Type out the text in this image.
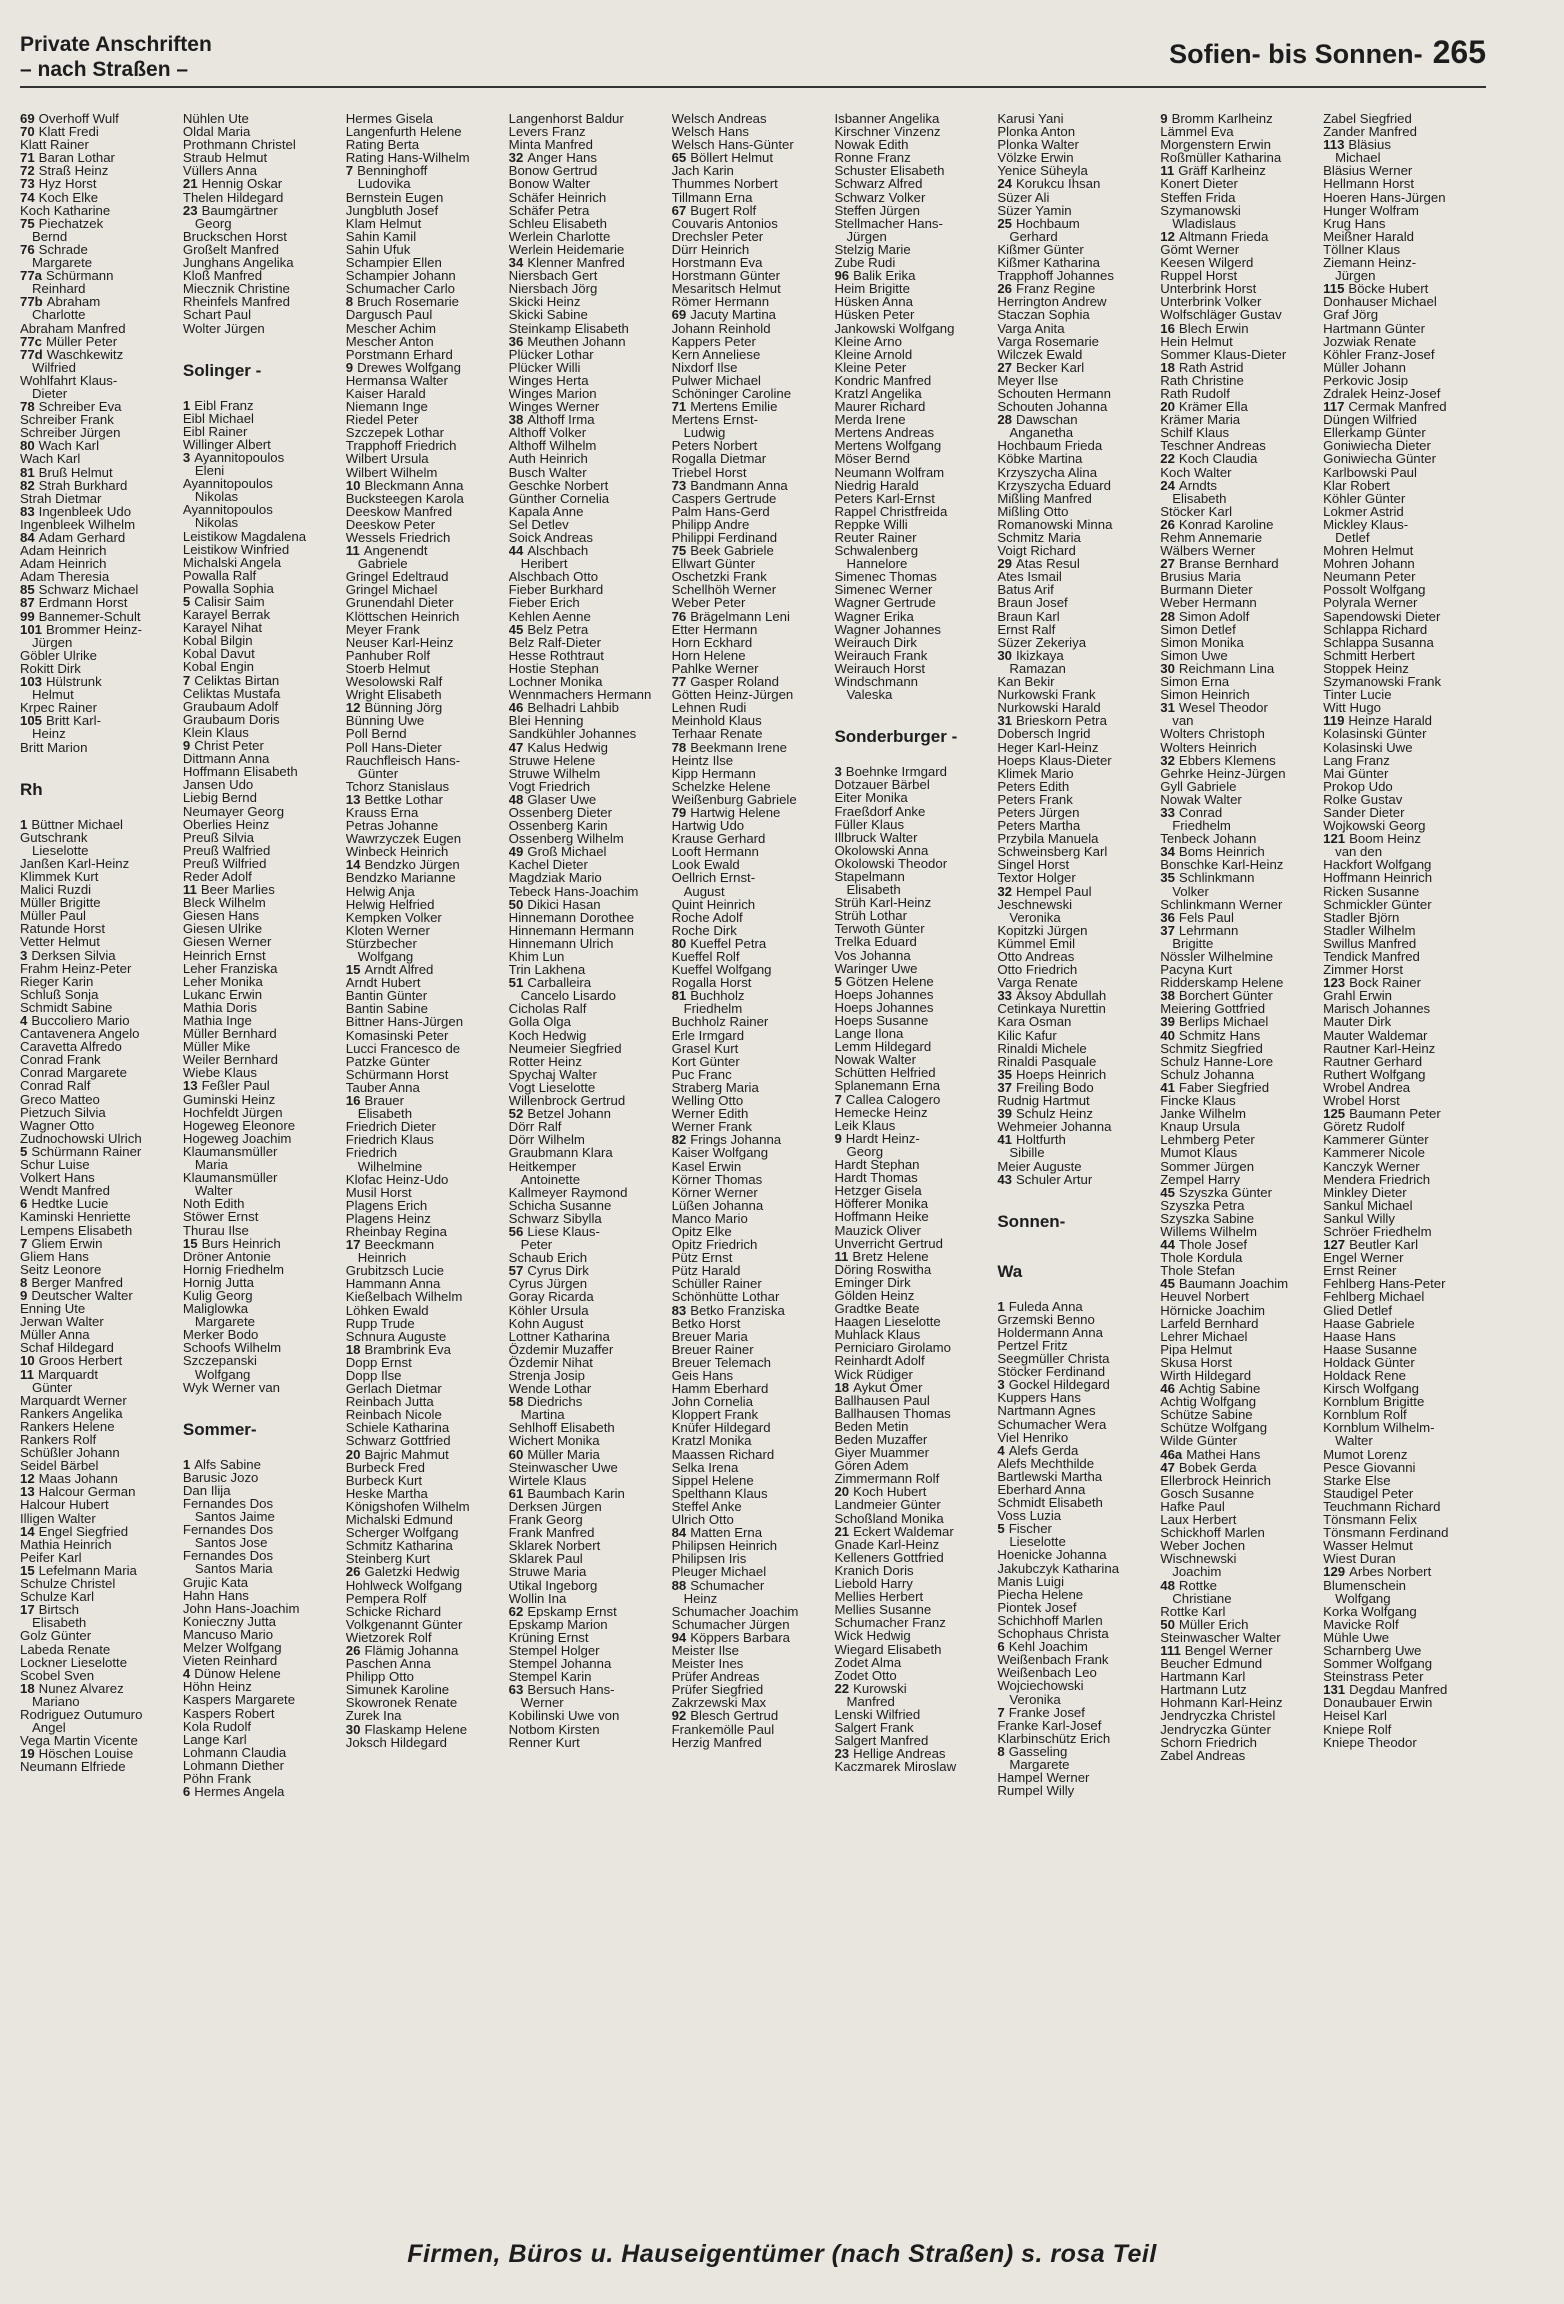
Private Anschriften
– nach Straßen –
Sofien- bis Sonnen- 265
69 Overhoff Wulf
70 Klatt Fredi
Klatt Rainer
71 Baran Lothar
72 Straß Heinz
73 Hyz Horst
74 Koch Elke
Koch Katharine
75 Piechatzek
Bernd
76 Schrade
Margarete
77a Schürmann
Reinhard
77b Abraham
Charlotte
Abraham Manfred
77c Müller Peter
77d Waschkewitz
Wilfried
Wohlfahrt Klaus-
Dieter
78 Schreiber Eva
Schreiber Frank
Schreiber Jürgen
80 Wach Karl
Wach Karl
81 Bruß Helmut
82 Strah Burkhard
Strah Dietmar
83 Ingenbleek Udo
Ingenbleek Wilhelm
84 Adam Gerhard
Adam Heinrich
Adam Heinrich
Adam Theresia
85 Schwarz Michael
87 Erdmann Horst
99 Bannemer-Schult
101 Brommer Heinz-
Jürgen
Göbler Ulrike
Rokitt Dirk
103 Hülstrunk
Helmut
Krpec Rainer
105 Britt Karl-
Heinz
Britt Marion
Rh
1 Büttner Michael
Gutschrank
Lieselotte
Janßen Karl-Heinz
Klimmek Kurt
Malici Ruzdi
Müller Brigitte
Müller Paul
Ratunde Horst
Vetter Helmut
3 Derksen Silvia
Frahm Heinz-Peter
Rieger Karin
Schluß Sonja
Schmidt Sabine
4 Buccoliero Mario
Cantavenera Angelo
Caravetta Alfredo
Conrad Frank
Conrad Margarete
Conrad Ralf
Greco Matteo
Pietzuch Silvia
Wagner Otto
Zudnochowski Ulrich
5 Schürmann Rainer
Schur Luise
Volkert Hans
Wendt Manfred
6 Hedtke Lucie
Kaminski Henriette
Lempens Elisabeth
7 Gliem Erwin
Gliem Hans
Seitz Leonore
8 Berger Manfred
9 Deutscher Walter
Enning Ute
Jerwan Walter
Müller Anna
Schaf Hildegard
10 Groos Herbert
11 Marquardt
Günter
Marquardt Werner
Rankers Angelika
Rankers Helene
Rankers Rolf
Schüßler Johann
Seidel Bärbel
12 Maas Johann
13 Halcour German
Halcour Hubert
Illigen Walter
14 Engel Siegfried
Mathia Heinrich
Peifer Karl
15 Lefelmann Maria
Schulze Christel
Schulze Karl
17 Birtsch
Elisabeth
Golz Günter
Labeda Renate
Lockner Lieselotte
Scobel Sven
18 Nunez Alvarez
Mariano
Rodriguez Outumuro
Angel
Vega Martin Vicente
19 Höschen Louise
Neumann Elfriede
Nühlen Ute
Oldal Maria
Prothmann Christel
Straub Helmut
Vüllers Anna
21 Hennig Oskar
Thelen Hildegard
23 Baumgärtner
Georg
Bruckschen Horst
Großelt Manfred
Junghans Angelika
Kloß Manfred
Miecznik Christine
Rheinfels Manfred
Schart Paul
Wolter Jürgen
Solinger -
1 Eibl Franz
Eibl Michael
Eibl Rainer
Willinger Albert
3 Ayannitopoulos
Eleni
Ayannitopoulos
Nikolas
Ayannitopoulos
Nikolas
Leistikow Magdalena
Leistikow Winfried
Michalski Angela
Powalla Ralf
Powalla Sophia
5 Calisir Saim
Karayel Berrak
Karayel Nihat
Kobal Bilgin
Kobal Davut
Kobal Engin
7 Celiktas Birtan
Celiktas Mustafa
Graubaum Adolf
Graubaum Doris
Klein Klaus
9 Christ Peter
Dittmann Anna
Hoffmann Elisabeth
Jansen Udo
Liebig Bernd
Neumayer Georg
Oberlies Heinz
Preuß Silvia
Preuß Walfried
Preuß Wilfried
Reder Adolf
11 Beer Marlies
Bleck Wilhelm
Giesen Hans
Giesen Ulrike
Giesen Werner
Heinrich Ernst
Leher Franziska
Leher Monika
Lukanc Erwin
Mathia Doris
Mathia Inge
Müller Bernhard
Müller Mike
Weiler Bernhard
Wiebe Klaus
13 Feßler Paul
Guminski Heinz
Hochfeldt Jürgen
Hogeweg Eleonore
Hogeweg Joachim
Klaumansmüller
Maria
Klaumansmüller
Walter
Noth Edith
Stöwer Ernst
Thurau Ilse
15 Burs Heinrich
Dröner Antonie
Hornig Friedhelm
Hornig Jutta
Kulig Georg
Maliglowka
Margarete
Merker Bodo
Schoofs Wilhelm
Szczepanski
Wolfgang
Wyk Werner van
Sommer-
1 Alfs Sabine
Barusic Jozo
Dan Ilija
Fernandes Dos
Santos Jaime
Fernandes Dos
Santos Jose
Fernandes Dos
Santos Maria
Grujic Kata
Hahn Hans
John Hans-Joachim
Konieczny Jutta
Mancuso Mario
Melzer Wolfgang
Vieten Reinhard
4 Dünow Helene
Höhn Heinz
Kaspers Margarete
Kaspers Robert
Kola Rudolf
Lange Karl
Lohmann Claudia
Lohmann Diether
Pöhn Frank
6 Hermes Angela
Hermes Gisela
Langenfurth Helene
Rating Berta
Rating Hans-Wilhelm
7 Benninghoff
Ludovika
Bernstein Eugen
Jungbluth Josef
Klam Helmut
Sahin Kamil
Sahin Ufuk
Schampier Ellen
Schampier Johann
Schumacher Carlo
8 Bruch Rosemarie
Dargusch Paul
Mescher Achim
Mescher Anton
Porstmann Erhard
9 Drewes Wolfgang
Hermansa Walter
Kaiser Harald
Niemann Inge
Riedel Peter
Szczepek Lothar
Trapphoff Friedrich
Wilbert Ursula
Wilbert Wilhelm
10 Bleckmann Anna
Bucksteegen Karola
Deeskow Manfred
Deeskow Peter
Wessels Friedrich
11 Angenendt
Gabriele
Gringel Edeltraud
Gringel Michael
Grunendahl Dieter
Klöttschen Heinrich
Meyer Frank
Neuser Karl-Heinz
Panhuber Rolf
Stoerb Helmut
Wesolowski Ralf
Wright Elisabeth
12 Bünning Jörg
Bünning Uwe
Poll Bernd
Poll Hans-Dieter
Rauchfleisch Hans-
Günter
Tchorz Stanislaus
13 Bettke Lothar
Krauss Erna
Petras Johanne
Wawrzyczek Eugen
Winbeck Heinrich
14 Bendzko Jürgen
Bendzko Marianne
Helwig Anja
Helwig Helfried
Kempken Volker
Kloten Werner
Stürzbecher
Wolfgang
15 Arndt Alfred
Arndt Hubert
Bantin Günter
Bantin Sabine
Bittner Hans-Jürgen
Komasinski Peter
Lucci Francesco de
Patzke Günter
Schürmann Horst
Tauber Anna
16 Brauer
Elisabeth
Friedrich Dieter
Friedrich Klaus
Friedrich
Wilhelmine
Klofac Heinz-Udo
Musil Horst
Plagens Erich
Plagens Heinz
Rheinbay Regina
17 Beeckmann
Heinrich
Grubitzsch Lucie
Hammann Anna
Kießelbach Wilhelm
Löhken Ewald
Rupp Trude
Schnura Auguste
18 Brambrink Eva
Dopp Ernst
Dopp Ilse
Gerlach Dietmar
Reinbach Jutta
Reinbach Nicole
Schiele Katharina
Schwarz Gottfried
20 Bajric Mahmut
Burbeck Fred
Burbeck Kurt
Heske Martha
Königshofen Wilhelm
Michalski Edmund
Scherger Wolfgang
Schmitz Katharina
Steinberg Kurt
26 Galetzki Hedwig
Hohlweck Wolfgang
Pempera Rolf
Schicke Richard
Volkgenannt Günter
Wietzorek Rolf
26 Flämig Johanna
Paschen Anna
Philipp Otto
Simunek Karoline
Skowronek Renate
Zurek Ina
30 Flaskamp Helene
Joksch Hildegard
Langenhorst Baldur
Levers Franz
Minta Manfred
32 Anger Hans
Bonow Gertrud
Bonow Walter
Schäfer Heinrich
Schäfer Petra
Schleu Elisabeth
Werlein Charlotte
Werlein Heidemarie
34 Klenner Manfred
Niersbach Gert
Niersbach Jörg
Skicki Heinz
Skicki Sabine
Steinkamp Elisabeth
36 Meuthen Johann
Plücker Lothar
Plücker Willi
Winges Herta
Winges Marion
Winges Werner
38 Althoff Irma
Althoff Volker
Althoff Wilhelm
Auth Heinrich
Busch Walter
Geschke Norbert
Günther Cornelia
Kapala Anne
Sel Detlev
Soick Andreas
44 Alschbach
Heribert
Alschbach Otto
Fieber Burkhard
Fieber Erich
Kehlen Aenne
45 Belz Petra
Belz Ralf-Dieter
Hesse Rothtraut
Hostie Stephan
Lochner Monika
Wennmachers Hermann
46 Belhadri Lahbib
Blei Henning
Sandkühler Johannes
47 Kalus Hedwig
Struwe Helene
Struwe Wilhelm
Vogt Friedrich
48 Glaser Uwe
Ossenberg Dieter
Ossenberg Karin
Ossenberg Wilhelm
49 Groß Michael
Kachel Dieter
Magdziak Mario
Tebeck Hans-Joachim
50 Dikici Hasan
Hinnemann Dorothee
Hinnemann Hermann
Hinnemann Ulrich
Khim Lun
Trin Lakhena
51 Carballeira
Cancelo Lisardo
Cicholas Ralf
Golla Olga
Koch Hedwig
Neumeier Siegfried
Rotter Heinz
Spychaj Walter
Vogt Lieselotte
Willenbrock Gertrud
52 Betzel Johann
Dörr Ralf
Dörr Wilhelm
Graubmann Klara
Heitkemper
Antoinette
Kallmeyer Raymond
Schicha Susanne
Schwarz Sibylla
56 Liese Klaus-
Peter
Schaub Erich
57 Cyrus Dirk
Cyrus Jürgen
Goray Ricarda
Köhler Ursula
Kohn August
Lottner Katharina
Özdemir Muzaffer
Özdemir Nihat
Strenja Josip
Wende Lothar
58 Diedrichs
Martina
Sehlhoff Elisabeth
Wichert Monika
60 Müller Maria
Steinwascher Uwe
Wirtele Klaus
61 Baumbach Karin
Derksen Jürgen
Frank Georg
Frank Manfred
Sklarek Norbert
Sklarek Paul
Struwe Maria
Utikal Ingeborg
Wollin Ina
62 Epskamp Ernst
Epskamp Marion
Krüning Ernst
Stempel Holger
Stempel Johanna
Stempel Karin
63 Bersuch Hans-
Werner
Kobilinski Uwe von
Notbom Kirsten
Renner Kurt
Welsch Andreas
Welsch Hans
Welsch Hans-Günter
65 Böllert Helmut
Jach Karin
Thummes Norbert
Tillmann Erna
67 Bugert Rolf
Couvaris Antonios
Drechsler Peter
Dürr Heinrich
Horstmann Eva
Horstmann Günter
Mesaritsch Helmut
Römer Hermann
69 Jacuty Martina
Johann Reinhold
Kappers Peter
Kern Anneliese
Nixdorf Ilse
Pulwer Michael
Schöninger Caroline
71 Mertens Emilie
Mertens Ernst-
Ludwig
Peters Norbert
Rogalla Dietmar
Triebel Horst
73 Bandmann Anna
Caspers Gertrude
Palm Hans-Gerd
Philipp Andre
Philippi Ferdinand
75 Beek Gabriele
Ellwart Günter
Oschetzki Frank
Schellhöh Werner
Weber Peter
76 Brägelmann Leni
Etter Hermann
Horn Eckhard
Horn Helene
Pahlke Werner
77 Gasper Roland
Götten Heinz-Jürgen
Lehnen Rudi
Meinhold Klaus
Terhaar Renate
78 Beekmann Irene
Heintz Ilse
Kipp Hermann
Schelzke Helene
Weißenburg Gabriele
79 Hartwig Helene
Hartwig Udo
Krause Gerhard
Looft Hermann
Look Ewald
Oellrich Ernst-
August
Quint Heinrich
Roche Adolf
Roche Dirk
80 Kueffel Petra
Kueffel Rolf
Kueffel Wolfgang
Rogalla Horst
81 Buchholz
Friedhelm
Buchholz Rainer
Erle Irmgard
Grasel Kurt
Kort Günter
Puc Franc
Straberg Maria
Welling Otto
Werner Edith
Werner Frank
82 Frings Johanna
Kaiser Wolfgang
Kasel Erwin
Körner Thomas
Körner Werner
Lüßen Johanna
Manco Mario
Opitz Elke
Opitz Friedrich
Pütz Ernst
Pütz Harald
Schüller Rainer
Schönhütte Lothar
83 Betko Franziska
Betko Horst
Breuer Maria
Breuer Rainer
Breuer Telemach
Geis Hans
Hamm Eberhard
John Cornelia
Kloppert Frank
Knüfer Hildegard
Kratzl Monika
Maassen Richard
Selka Irena
Sippel Helene
Spelthann Klaus
Steffel Anke
Ulrich Otto
84 Matten Erna
Philipsen Heinrich
Philipsen Iris
Pleuger Michael
88 Schumacher
Heinz
Schumacher Joachim
Schumacher Jürgen
94 Köppers Barbara
Meister Ilse
Meister Ines
Prüfer Andreas
Prüfer Siegfried
Zakrzewski Max
92 Blesch Gertrud
Frankemölle Paul
Herzig Manfred
Isbanner Angelika
Kirschner Vinzenz
Nowak Edith
Ronne Franz
Schuster Elisabeth
Schwarz Alfred
Schwarz Volker
Steffen Jürgen
Stellmacher Hans-
Jürgen
Stelzig Marie
Zube Rudi
96 Balik Erika
Heim Brigitte
Hüsken Anna
Hüsken Peter
Jankowski Wolfgang
Kleine Arno
Kleine Arnold
Kleine Peter
Kondric Manfred
Kratzl Angelika
Maurer Richard
Merda Irene
Mertens Andreas
Mertens Wolfgang
Möser Bernd
Neumann Wolfram
Niedrig Harald
Peters Karl-Ernst
Rappel Christfreida
Reppke Willi
Reuter Rainer
Schwalenberg
Hannelore
Simenec Thomas
Simenec Werner
Wagner Gertrude
Wagner Erika
Wagner Johannes
Weirauch Dirk
Weirauch Frank
Weirauch Horst
Windschmann
Valeska
Sonderburger -
3 Boehnke Irmgard
Dotzauer Bärbel
Eiter Monika
Fraeßdorf Anke
Füller Klaus
Illbruck Walter
Okolowski Anna
Okolowski Theodor
Stapelmann
Elisabeth
Strüh Karl-Heinz
Strüh Lothar
Terwoth Günter
Trelka Eduard
Vos Johanna
Waringer Uwe
5 Götzen Helene
Hoeps Johannes
Hoeps Johannes
Hoeps Susanne
Lange Ilona
Lemm Hildegard
Nowak Walter
Schütten Helfried
Splanemann Erna
7 Callea Calogero
Hemecke Heinz
Leik Klaus
9 Hardt Heinz-
Georg
Hardt Stephan
Hardt Thomas
Hetzger Gisela
Höfferer Monika
Hoffmann Heike
Mauzick Oliver
Unverricht Gertrud
11 Bretz Helene
Döring Roswitha
Eminger Dirk
Gölden Heinz
Gradtke Beate
Haagen Lieselotte
Muhlack Klaus
Perniciaro Girolamo
Reinhardt Adolf
Wick Rüdiger
18 Aykut Ömer
Ballhausen Paul
Ballhausen Thomas
Beden Metin
Beden Muzaffer
Giyer Muammer
Gören Adem
Zimmermann Rolf
20 Koch Hubert
Landmeier Günter
Schoßland Monika
21 Eckert Waldemar
Gnade Karl-Heinz
Kelleners Gottfried
Kranich Doris
Liebold Harry
Mellies Herbert
Mellies Susanne
Schumacher Franz
Wick Hedwig
Wiegard Elisabeth
Zodet Alma
Zodet Otto
22 Kurowski
Manfred
Lenski Wilfried
Salgert Frank
Salgert Manfred
23 Hellige Andreas
Kaczmarek Miroslaw
Karusi Yani
Plonka Anton
Plonka Walter
Völzke Erwin
Yenice Süheyla
24 Korukcu Ihsan
Süzer Ali
Süzer Yamin
25 Hochbaum
Gerhard
Kißmer Günter
Kißmer Katharina
Trapphoff Johannes
26 Franz Regine
Herrington Andrew
Staczan Sophia
Varga Anita
Varga Rosemarie
Wilczek Ewald
27 Becker Karl
Meyer Ilse
Schouten Hermann
Schouten Johanna
28 Dawschan
Anganetha
Hochbaum Frieda
Köbke Martina
Krzyszycha Alina
Krzyszycha Eduard
Mißling Manfred
Mißling Otto
Romanowski Minna
Schmitz Maria
Voigt Richard
29 Atas Resul
Ates Ismail
Batus Arif
Braun Josef
Braun Karl
Ernst Ralf
Süzer Zekeriya
30 Ikizkaya
Ramazan
Kan Bekir
Nurkowski Frank
Nurkowski Harald
31 Brieskorn Petra
Dobersch Ingrid
Heger Karl-Heinz
Hoeps Klaus-Dieter
Klimek Mario
Peters Edith
Peters Frank
Peters Jürgen
Peters Martha
Przybila Manuela
Schweinsberg Karl
Singel Horst
Textor Holger
32 Hempel Paul
Jeschnewski
Veronika
Kopitzki Jürgen
Kümmel Emil
Otto Andreas
Otto Friedrich
Varga Renate
33 Aksoy Abdullah
Cetinkaya Nurettin
Kara Osman
Kilic Kafur
Rinaldi Michele
Rinaldi Pasquale
35 Hoeps Heinrich
37 Freiling Bodo
Rudnig Hartmut
39 Schulz Heinz
Wehmeier Johanna
41 Holtfurth
Sibille
Meier Auguste
43 Schuler Artur
Sonnen-
Wa
1 Fuleda Anna
Grzemski Benno
Holdermann Anna
Pertzel Fritz
Seegmüller Christa
Stöcker Ferdinand
3 Gockel Hildegard
Kuppers Hans
Nartmann Agnes
Schumacher Wera
Viel Henriko
4 Alefs Gerda
Alefs Mechthilde
Bartlewski Martha
Eberhard Anna
Schmidt Elisabeth
Voss Luzia
5 Fischer
Lieselotte
Hoenicke Johanna
Jakubczyk Katharina
Manis Luigi
Piecha Helene
Piontek Josef
Schichhoff Marlen
Schophaus Christa
6 Kehl Joachim
Weißenbach Frank
Weißenbach Leo
Wojciechowski
Veronika
7 Franke Josef
Franke Karl-Josef
Klarbinschütz Erich
8 Gasseling
Margarete
Hampel Werner
Rumpel Willy
9 Bromm Karlheinz
Lämmel Eva
Morgenstern Erwin
Roßmüller Katharina
11 Gräff Karlheinz
Konert Dieter
Steffen Frida
Szymanowski
Wladislaus
12 Altmann Frieda
Gömt Werner
Keesen Wilgerd
Ruppel Horst
Unterbrink Horst
Unterbrink Volker
Wolfschläger Gustav
16 Blech Erwin
Hein Helmut
Sommer Klaus-Dieter
18 Rath Astrid
Rath Christine
Rath Rudolf
20 Krämer Ella
Krämer Maria
Schilf Klaus
Teschner Andreas
22 Koch Claudia
Koch Walter
24 Arndts
Elisabeth
Stöcker Karl
26 Konrad Karoline
Rehm Annemarie
Wälbers Werner
27 Branse Bernhard
Brusius Maria
Burmann Dieter
Weber Hermann
28 Simon Adolf
Simon Detlef
Simon Monika
Simon Uwe
30 Reichmann Lina
Simon Erna
Simon Heinrich
31 Wesel Theodor
van
Wolters Christoph
Wolters Heinrich
32 Ebbers Klemens
Gehrke Heinz-Jürgen
Gyll Gabriele
Nowak Walter
33 Conrad
Friedhelm
Tenbeck Johann
34 Boms Heinrich
Bonschke Karl-Heinz
35 Schlinkmann
Volker
Schlinkmann Werner
36 Fels Paul
37 Lehrmann
Brigitte
Nössler Wilhelmine
Pacyna Kurt
Ridderskamp Helene
38 Borchert Günter
Meiering Gottfried
39 Berlips Michael
40 Schmitz Hans
Schmitz Siegfried
Schulz Hanne-Lore
Schulz Johanna
41 Faber Siegfried
Fincke Klaus
Janke Wilhelm
Knaup Ursula
Lehmberg Peter
Mumot Klaus
Sommer Jürgen
Zempel Harry
45 Szyszka Günter
Szyszka Petra
Szyszka Sabine
Willems Wilhelm
44 Thole Josef
Thole Kordula
Thole Stefan
45 Baumann Joachim
Heuvel Norbert
Hörnicke Joachim
Larfeld Bernhard
Lehrer Michael
Pipa Helmut
Skusa Horst
Wirth Hildegard
46 Achtig Sabine
Achtig Wolfgang
Schütze Sabine
Schütze Wolfgang
Wilde Günter
46a Mathei Hans
47 Bobek Gerda
Ellerbrock Heinrich
Gosch Susanne
Hafke Paul
Laux Herbert
Schickhoff Marlen
Weber Jochen
Wischnewski
Joachim
48 Rottke
Christiane
Rottke Karl
50 Müller Erich
Steinwascher Walter
111 Bengel Werner
Beucher Edmund
Hartmann Karl
Hartmann Lutz
Hohmann Karl-Heinz
Jendryczka Christel
Jendryczka Günter
Schorn Friedrich
Zabel Andreas
Zabel Siegfried
Zander Manfred
113 Bläsius
Michael
Bläsius Werner
Hellmann Horst
Hoeren Hans-Jürgen
Hunger Wolfram
Krug Hans
Meißner Harald
Töllner Klaus
Ziemann Heinz-
Jürgen
115 Böcke Hubert
Donhauser Michael
Graf Jörg
Hartmann Günter
Jozwiak Renate
Köhler Franz-Josef
Müller Johann
Perkovic Josip
Zdralek Heinz-Josef
117 Cermak Manfred
Düngen Wilfried
Ellerkamp Günter
Goniwiecha Dieter
Goniwiecha Günter
Karlbowski Paul
Klar Robert
Köhler Günter
Lokmer Astrid
Mickley Klaus-
Detlef
Mohren Helmut
Mohren Johann
Neumann Peter
Possolt Wolfgang
Polyrala Werner
Sapendowski Dieter
Schlappa Richard
Schlappa Susanna
Schmitt Herbert
Stoppek Heinz
Szymanowski Frank
Tinter Lucie
Witt Hugo
119 Heinze Harald
Kolasinski Günter
Kolasinski Uwe
Lang Franz
Mai Günter
Prokop Udo
Rolke Gustav
Sander Dieter
Wojkowski Georg
121 Boom Heinz
van den
Hackfort Wolfgang
Hoffmann Heinrich
Ricken Susanne
Schmickler Günter
Stadler Björn
Stadler Wilhelm
Swillus Manfred
Tendick Manfred
Zimmer Horst
123 Bock Rainer
Grahl Erwin
Marisch Johannes
Mauter Dirk
Mauter Waldemar
Rautner Karl-Heinz
Rautner Gerhard
Ruthert Wolfgang
Wrobel Andrea
Wrobel Horst
125 Baumann Peter
Göretz Rudolf
Kammerer Günter
Kammerer Nicole
Kanczyk Werner
Mendera Friedrich
Minkley Dieter
Sankul Michael
Sankul Willy
Schröer Friedhelm
127 Beutler Karl
Engel Werner
Ernst Reiner
Fehlberg Hans-Peter
Fehlberg Michael
Glied Detlef
Haase Gabriele
Haase Hans
Haase Susanne
Holdack Günter
Holdack Rene
Kirsch Wolfgang
Kornblum Brigitte
Kornblum Rolf
Kornblum Wilhelm-
Walter
Mumot Lorenz
Pesce Giovanni
Starke Else
Staudigel Peter
Teuchmann Richard
Tönsmann Felix
Tönsmann Ferdinand
Wasser Helmut
Wiest Duran
129 Arbes Norbert
Blumenschein
Wolfgang
Korka Wolfgang
Mavicke Rolf
Mühle Uwe
Scharnberg Uwe
Sommer Wolfgang
Steinstrass Peter
131 Degdau Manfred
Donaubauer Erwin
Heisel Karl
Kniepe Rolf
Kniepe Theodor
Firmen, Büros u. Hauseigentümer (nach Straßen) s. rosa Teil
